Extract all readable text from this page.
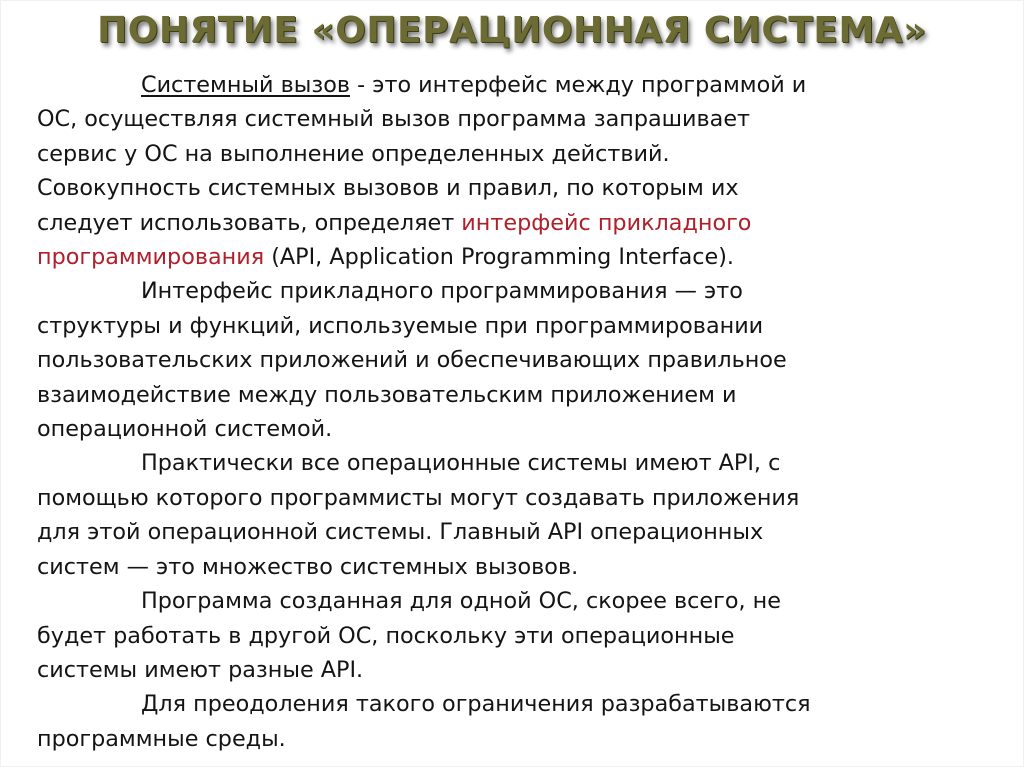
ПОНЯТИЕ «ОПЕРАЦИОННАЯ СИСТЕМА»
Системный вызов - это интерфейс между программой и
ОС, осуществляя системный вызов программа запрашивает
сервис у ОС на выполнение определенных действий.
Совокупность системных вызовов и правил, по которым их
следует использовать, определяет интерфейс прикладного
программирования (API, Application Programming Interface).
Интерфейс прикладного программирования — это
структуры и функций, используемые при программировании
пользовательских приложений и обеспечивающих правильное
взаимодействие между пользовательским приложением и
операционной системой.
Практически все операционные системы имеют API, с
помощью которого программисты могут создавать приложения
для этой операционной системы. Главный API операционных
систем — это множество системных вызовов.
Программа созданная для одной ОС, скорее всего, не
будет работать в другой ОС, поскольку эти операционные
системы имеют разные API.
Для преодоления такого ограничения разрабатываются
программные среды.
